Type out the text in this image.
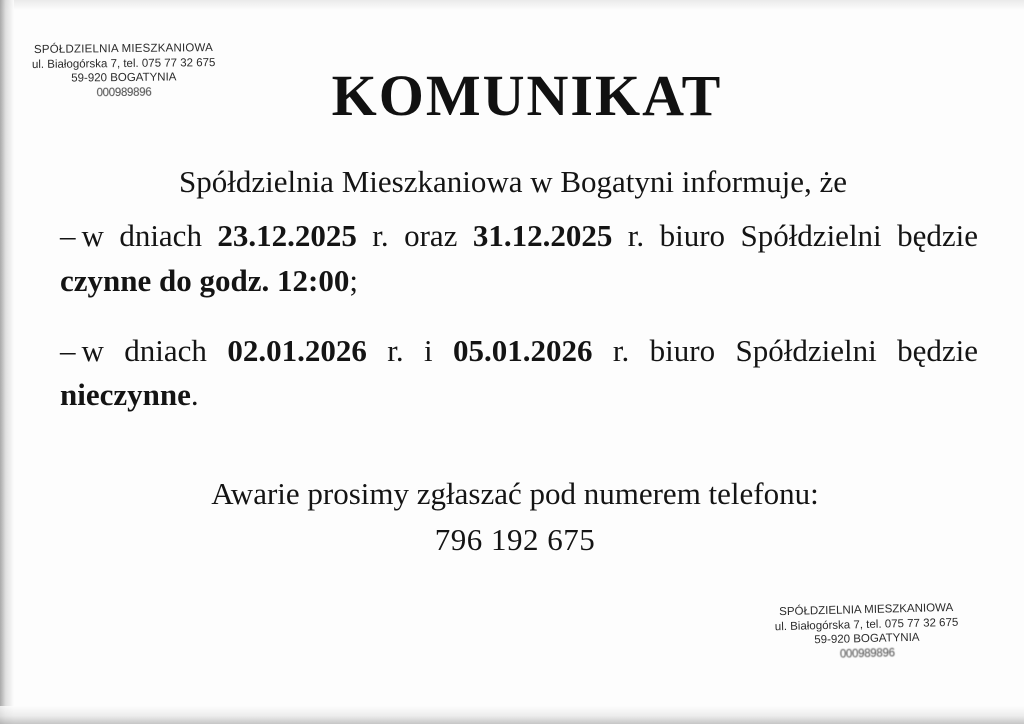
SPÓŁDZIELNIA MIESZKANIOWA
ul. Białogórska 7, tel. 075 77 32 675
59-920 BOGATYNIA
000989896	KOMUNIKAT

Spółdzielnia Mieszkaniowa w Bogatyni informuje, że

– w dniach 23.12.2025 r. oraz 31.12.2025 r. biuro Spółdzielni będzie czynne do godz. 12:00;

– w dniach 02.01.2026 r. i 05.01.2026 r. biuro Spółdzielni będzie nieczynne.

Awarie prosimy zgłaszać pod numerem telefonu:

796 192 675

SPÓŁDZIELNIA MIESZKANIOWA
ul. Białogórska 7, tel. 075 77 32 675
59-920 BOGATYNIA
000989896
